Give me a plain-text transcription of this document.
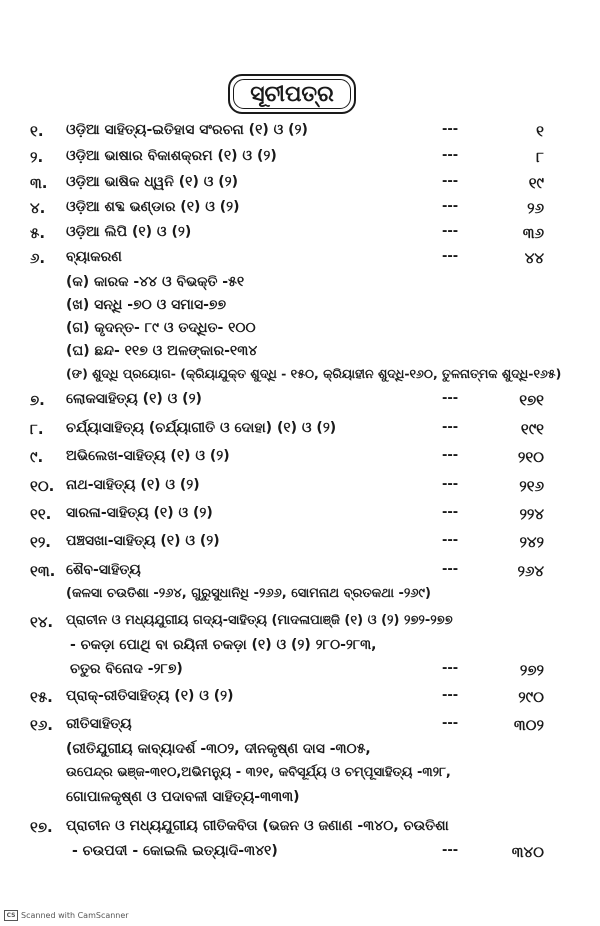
ସୂଚୀପତ୍ର
୧. ଓଡ଼ିଆ ସାହିତ୍ୟ-ଇତିହାସ ସଂରଚନା (୧) ଓ (୨)	---	୧
୨. ଓଡ଼ିଆ ଭାଷାର ବିକାଶକ୍ରମ (୧) ଓ (୨)	---	୮
୩. ଓଡ଼ିଆ ଭାଷିକ ଧ୍ୱନି (୧) ଓ (୨)	---	୧୯
୪. ଓଡ଼ିଆ ଶବ୍ଦ ଭଣ୍ଡାର (୧) ଓ (୨)	---	୨୬
୫. ଓଡ଼ିଆ ଲିପି (୧) ଓ (୨)	---	୩୬
୬. ବ୍ୟାକରଣ	---	୪୪
(କ) କାରକ -୪୪ ଓ ବିଭକ୍ତି -୫୧
(ଖ) ସନ୍ଧି -୭୦ ଓ ସମାସ-୭୭
(ଗ) କୃଦନ୍ତ- ୮୯ ଓ ତଦ୍ଧିତ- ୧୦୦
(ଘ) ଛନ୍ଦ- ୧୧୭ ଓ ଅଳଙ୍କାର-୧୩୪
(ଙ) ଶୁଦ୍ଧି ପ୍ରୟୋଗ- (କ୍ରିୟାଯୁକ୍ତ ଶୁଦ୍ଧି - ୧୫୦, କ୍ରିୟାହୀନ ଶୁଦ୍ଧି-୧୬୦, ତୁଳନାତ୍ମକ ଶୁଦ୍ଧି-୧୬୫)
୭. ଲୋକସାହିତ୍ୟ (୧) ଓ (୨)	---	୧୭୧
୮. ଚର୍ଯ୍ୟାସାହିତ୍ୟ (ଚର୍ଯ୍ୟାଗୀତି ଓ ଦୋହା) (୧) ଓ (୨)	---	୧୯୧
୯. ଅଭିଲେଖ-ସାହିତ୍ୟ (୧) ଓ (୨)	---	୨୧୦
୧୦. ନାଥ-ସାହିତ୍ୟ (୧) ଓ (୨)	---	୨୧୬
୧୧. ସାରଳା-ସାହିତ୍ୟ (୧) ଓ (୨)	---	୨୨୪
୧୨. ପଞ୍ଚସଖା-ସାହିତ୍ୟ (୧) ଓ (୨)	---	୨୪୨
୧୩. ଶୈବ-ସାହିତ୍ୟ	---	୨୬୪
(କଳସା ଚଉତିଶା -୨୬୪, ଗୁରୁସୁଧାନିଧି -୨୬୬, ସୋମନାଥ ବ୍ରତକଥା -୨୬୯)
୧୪. ପ୍ରାଚୀନ ଓ ମଧ୍ୟଯୁଗୀୟ ଗଦ୍ୟ-ସାହିତ୍ୟ (ମାଦଳାପାଞ୍ଜି (୧) ଓ (୨) ୨୭୨-୨୭୭
- ଚକଡ଼ା ପୋଥି ବା ରୟିନୀ ଚକଡ଼ା (୧) ଓ (୨) ୨୮୦-୨୮୩,
ଚତୁର ବିନୋଦ -୨୮୭)	---	୨୭୨
୧୫. ପ୍ରାକ୍-ରୀତିସାହିତ୍ୟ (୧) ଓ (୨)	---	୨୯୦
୧୬. ରୀତିସାହିତ୍ୟ	---	୩୦୨
(ରୀତିଯୁଗୀୟ କାବ୍ୟାଦର୍ଶ -୩୦୨, ଦୀନକୃଷ୍ଣ ଦାସ -୩୦୫,
ଉପେନ୍ଦ୍ର ଭଞ୍ଜ-୩୧୦,ଅଭିମନ୍ୟୁ - ୩୨୧, କବିସୂର୍ଯ୍ୟ ଓ ଚମ୍ପୂସାହିତ୍ୟ -୩୨୮,
ଗୋପାଳକୃଷ୍ଣ ଓ ପଦାବଳୀ ସାହିତ୍ୟ-୩୩୩)
୧୭. ପ୍ରାଚୀନ ଓ ମଧ୍ୟଯୁଗୀୟ ଗୀତିକବିତା (ଭଜନ ଓ ଜଣାଣ -୩୪୦, ଚଉତିଶା
- ଚଉପଦୀ - କୋଇଲି ଇତ୍ୟାଦି-୩୪୧)	---	୩୪୦
CS Scanned with CamScanner
